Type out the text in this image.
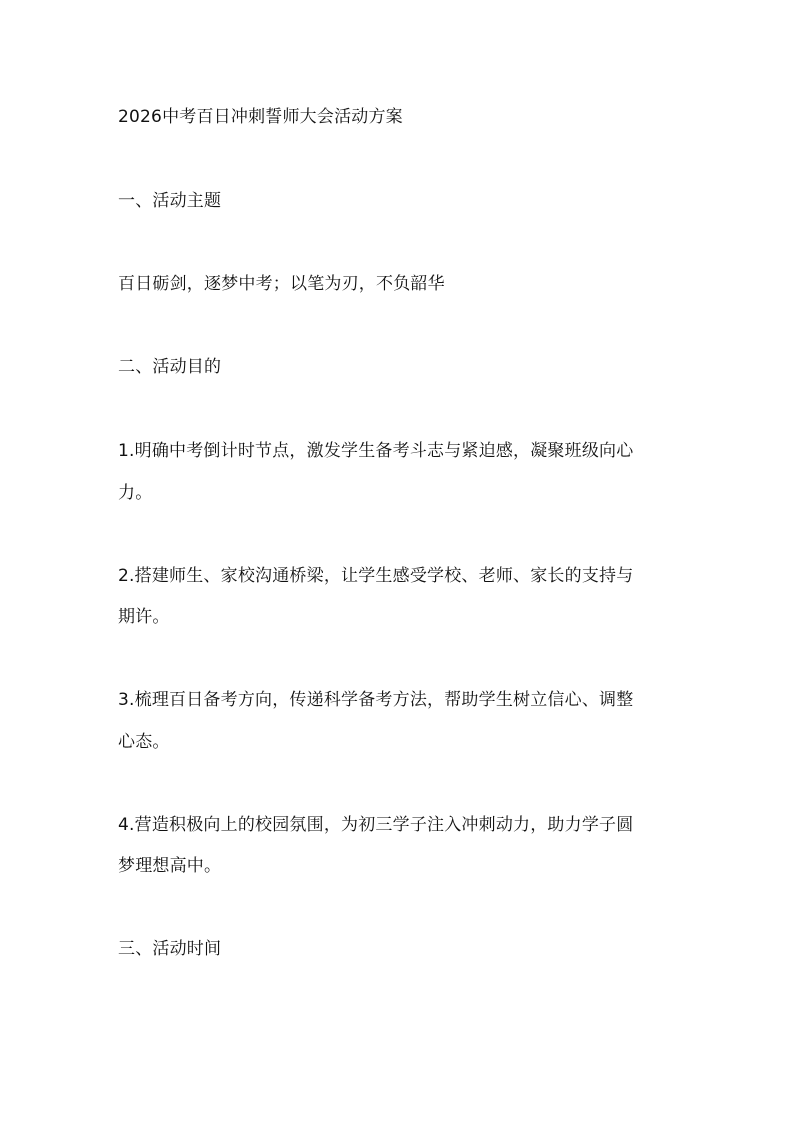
2026中考百日冲刺誓师大会活动方案
一、活动主题
百日砺剑，逐梦中考；以笔为刃，不负韶华
二、活动目的
1.明确中考倒计时节点，激发学生备考斗志与紧迫感，凝聚班级向心
力。
2.搭建师生、家校沟通桥梁，让学生感受学校、老师、家长的支持与
期许。
3.梳理百日备考方向，传递科学备考方法，帮助学生树立信心、调整
心态。
4.营造积极向上的校园氛围，为初三学子注入冲刺动力，助力学子圆
梦理想高中。
三、活动时间
